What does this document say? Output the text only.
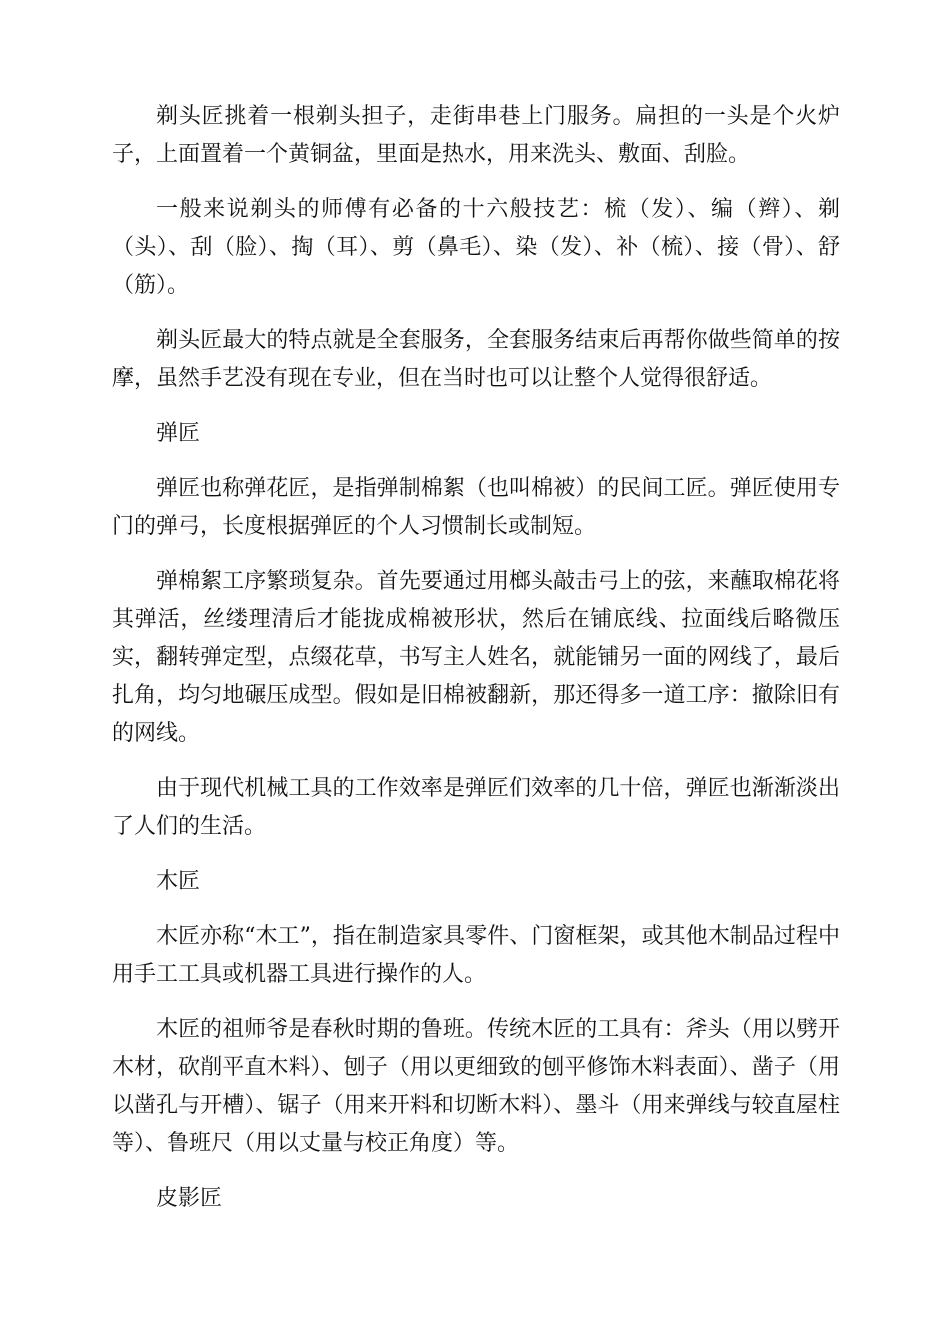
剃头匠挑着一根剃头担子，走街串巷上门服务。扁担的一头是个火炉子，上面置着一个黄铜盆，里面是热水，用来洗头、敷面、刮脸。

一般来说剃头的师傅有必备的十六般技艺：梳（发）、编（辫）、剃（头）、刮（脸）、掏（耳）、剪（鼻毛）、染（发）、补（梳）、接（骨）、舒（筋）。

剃头匠最大的特点就是全套服务，全套服务结束后再帮你做些简单的按摩，虽然手艺没有现在专业，但在当时也可以让整个人觉得很舒适。

弹匠

弹匠也称弹花匠，是指弹制棉絮（也叫棉被）的民间工匠。弹匠使用专门的弹弓，长度根据弹匠的个人习惯制长或制短。

弹棉絮工序繁琐复杂。首先要通过用榔头敲击弓上的弦，来蘸取棉花将其弹活，丝缕理清后才能拢成棉被形状，然后在铺底线、拉面线后略微压实，翻转弹定型，点缀花草，书写主人姓名，就能铺另一面的网线了，最后扎角，均匀地碾压成型。假如是旧棉被翻新，那还得多一道工序：撤除旧有的网线。

由于现代机械工具的工作效率是弹匠们效率的几十倍，弹匠也渐渐淡出了人们的生活。

木匠

木匠亦称“木工”，指在制造家具零件、门窗框架，或其他木制品过程中用手工工具或机器工具进行操作的人。

木匠的祖师爷是春秋时期的鲁班。传统木匠的工具有：斧头（用以劈开木材，砍削平直木料）、刨子（用以更细致的刨平修饰木料表面）、凿子（用以凿孔与开槽）、锯子（用来开料和切断木料）、墨斗（用来弹线与较直屋柱等）、鲁班尺（用以丈量与校正角度）等。

皮影匠
